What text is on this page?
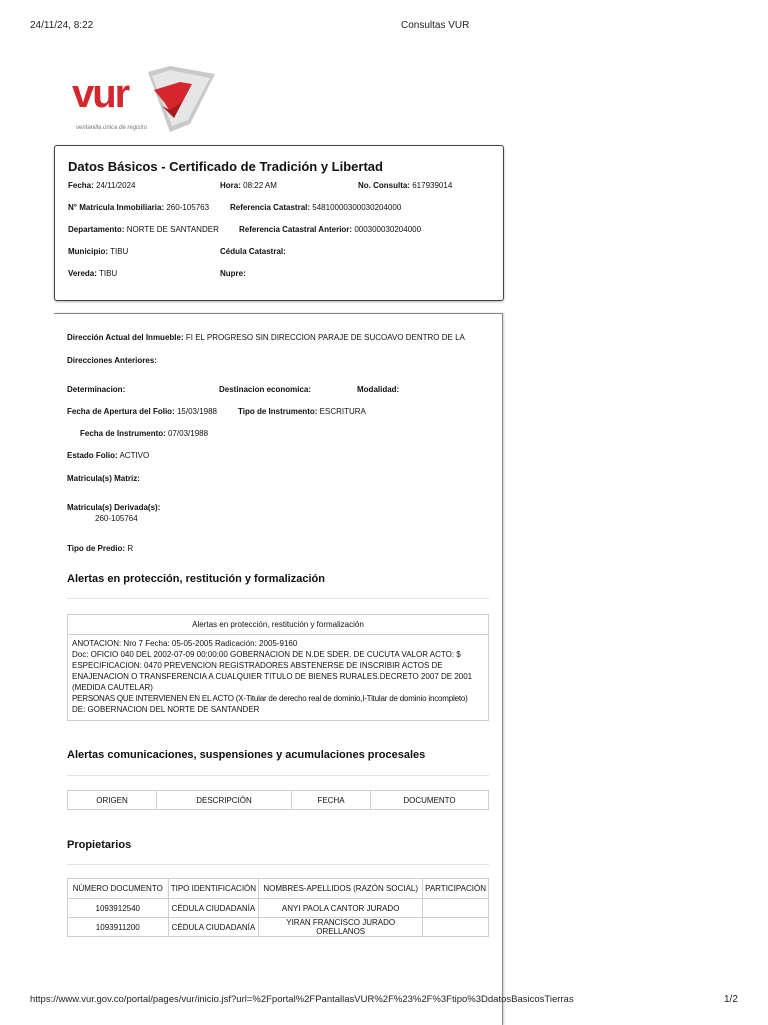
24/11/24, 8:22	Consultas VUR
vur
ventanilla única de registro
Datos Básicos - Certificado de Tradición y Libertad
Fecha: 24/11/2024	Hora: 08:22 AM	No. Consulta: 617939014
N° Matricula Inmobiliaria: 260-105763	Referencia Catastral: 54810000300030204000
Departamento: NORTE DE SANTANDER	Referencia Catastral Anterior: 000300030204000
Municipio: TIBU	Cédula Catastral:
Vereda: TIBU	Nupre:
Dirección Actual del Inmueble: FI EL PROGRESO SIN DIRECCION PARAJE DE SUCOAVO DENTRO DE LA
Direcciones Anteriores:
Determinacion:	Destinacion economica:	Modalidad:
Fecha de Apertura del Folio: 15/03/1988	Tipo de Instrumento: ESCRITURA
Fecha de Instrumento: 07/03/1988
Estado Folio: ACTIVO
Matricula(s) Matriz:
Matricula(s) Derivada(s):
260-105764
Tipo de Predio: R
Alertas en protección, restitución y formalización
Alertas en protección, restitución y formalización
ANOTACION: Nro 7 Fecha: 05-05-2005 Radicación: 2005-9160
Doc: OFICIO 040 DEL 2002-07-09 00:00:00 GOBERNACION DE N.DE SDER. DE CUCUTA VALOR ACTO: $
ESPECIFICACION: 0470 PREVENCION REGISTRADORES ABSTENERSE DE INSCRIBIR ACTOS DE
ENAJENACION O TRANSFERENCIA A CUALQUIER TITULO DE BIENES RURALES.DECRETO 2007 DE 2001
(MEDIDA CAUTELAR)
PERSONAS QUE INTERVIENEN EN EL ACTO (X-Titular de derecho real de dominio,I-Titular de dominio incompleto)
DE: GOBERNACION DEL NORTE DE SANTANDER
Alertas comunicaciones, suspensiones y acumulaciones procesales
ORIGEN	DESCRIPCIÓN	FECHA	DOCUMENTO
Propietarios
NÚMERO DOCUMENTO	TIPO IDENTIFICACIÓN	NOMBRES-APELLIDOS (RAZÓN SOCIAL)	PARTICIPACIÓN
1093912540	CÉDULA CIUDADANÍA	ANYI PAOLA CANTOR JURADO	
1093911200	CÉDULA CIUDADANÍA	YIRAN FRANCISCO JURADO ORELLANOS	
https://www.vur.gov.co/portal/pages/vur/inicio.jsf?url=%2Fportal%2FPantallasVUR%2F%23%2F%3Ftipo%3DdatosBasicosTierras	1/2
